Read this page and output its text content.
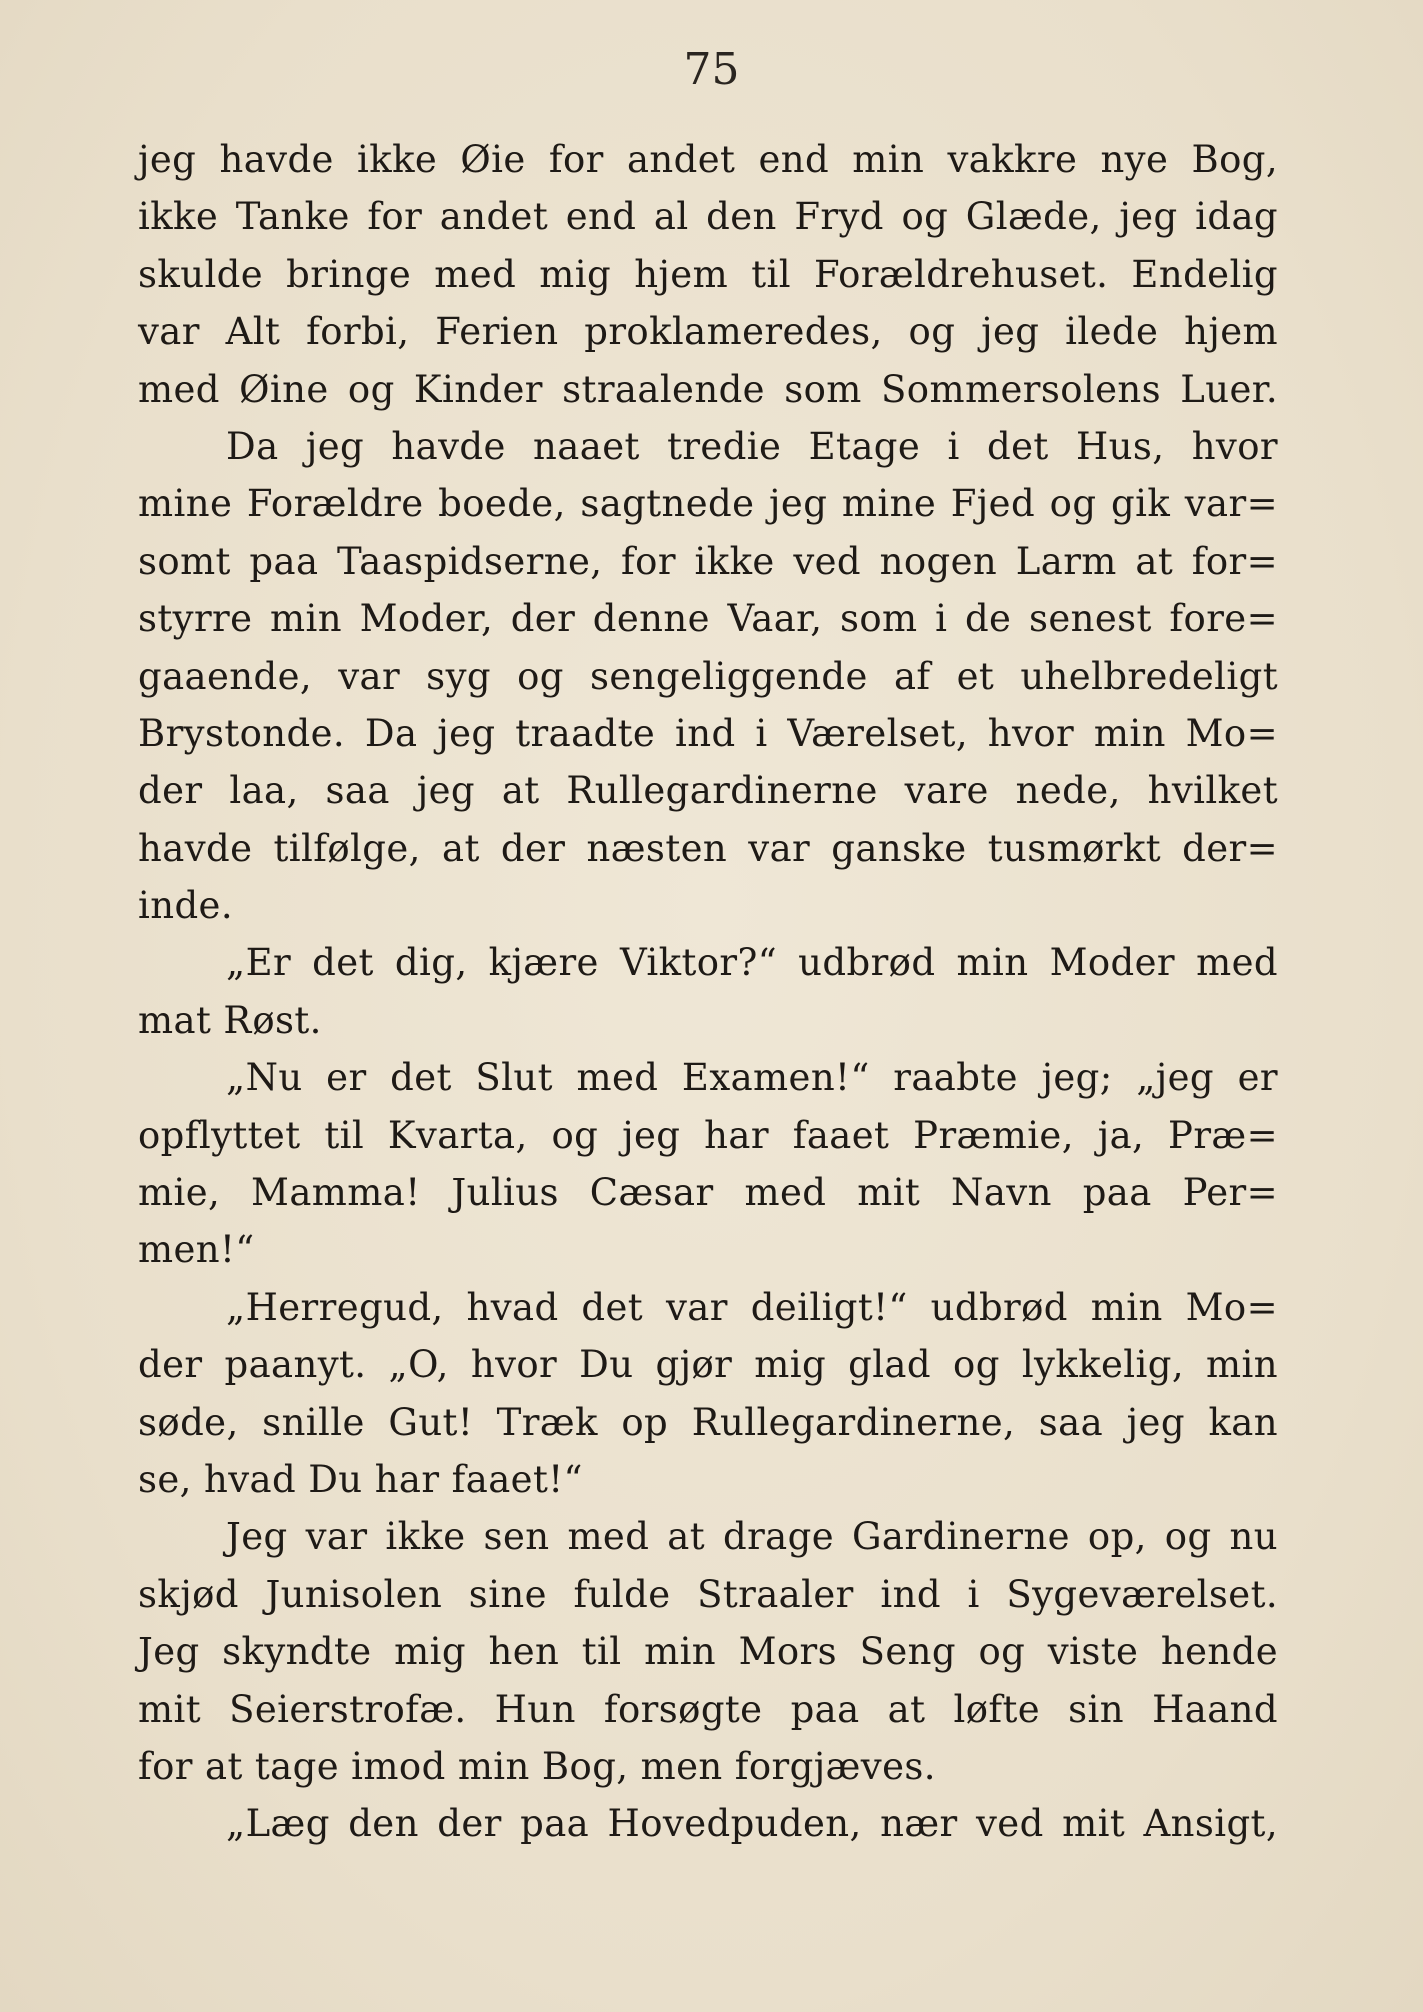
75
jeg havde ikke Øie for andet end min vakkre nye Bog,
ikke Tanke for andet end al den Fryd og Glæde, jeg idag
skulde bringe med mig hjem til Forældrehuset. Endelig
var Alt forbi, Ferien proklameredes, og jeg ilede hjem
med Øine og Kinder straalende som Sommersolens Luer.
Da jeg havde naaet tredie Etage i det Hus, hvor
mine Forældre boede, sagtnede jeg mine Fjed og gik var=
somt paa Taaspidserne, for ikke ved nogen Larm at for=
styrre min Moder, der denne Vaar, som i de senest fore=
gaaende, var syg og sengeliggende af et uhelbredeligt
Brystonde. Da jeg traadte ind i Værelset, hvor min Mo=
der laa, saa jeg at Rullegardinerne vare nede, hvilket
havde tilfølge, at der næsten var ganske tusmørkt der=
inde.
„Er det dig, kjære Viktor?“ udbrød min Moder med
mat Røst.
„Nu er det Slut med Examen!“ raabte jeg; „jeg er
opflyttet til Kvarta, og jeg har faaet Præmie, ja, Præ=
mie, Mamma! Julius Cæsar med mit Navn paa Per=
men!“
„Herregud, hvad det var deiligt!“ udbrød min Mo=
der paanyt. „O, hvor Du gjør mig glad og lykkelig, min
søde, snille Gut! Træk op Rullegardinerne, saa jeg kan
se, hvad Du har faaet!“
Jeg var ikke sen med at drage Gardinerne op, og nu
skjød Junisolen sine fulde Straaler ind i Sygeværelset.
Jeg skyndte mig hen til min Mors Seng og viste hende
mit Seierstrofæ. Hun forsøgte paa at løfte sin Haand
for at tage imod min Bog, men forgjæves.
„Læg den der paa Hovedpuden, nær ved mit Ansigt,
